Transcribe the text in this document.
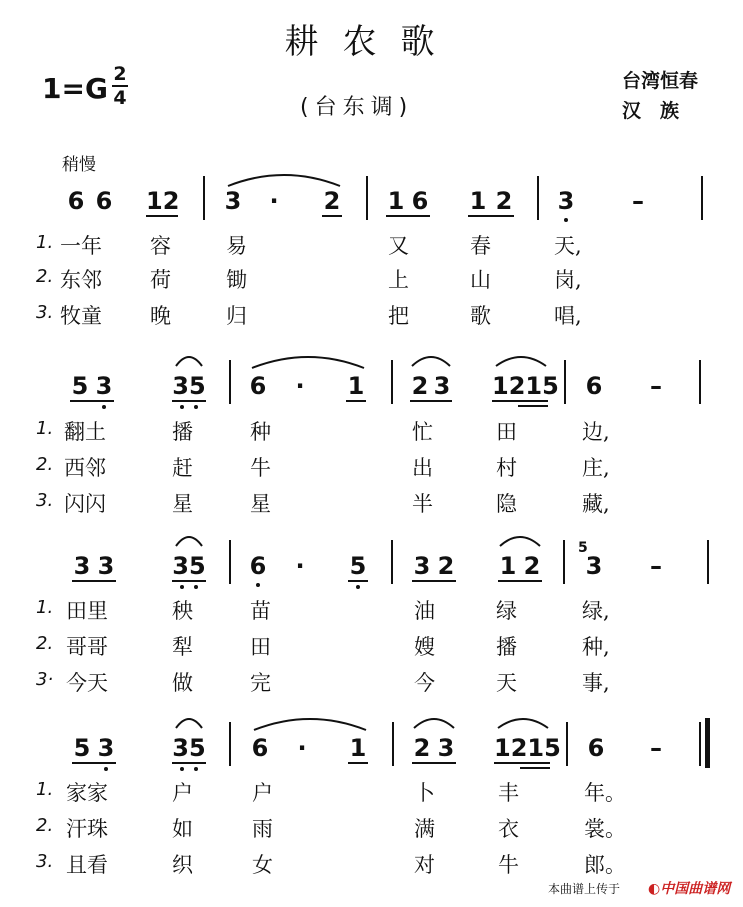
耕农歌
1=G 2
4	(台东调)
台湾恒春
汉　族
稍慢
6 6 12 3 · 2 1 6 1 2 3 –
1. 一年 容	易	又	春	天,
2. 东邻 荷	锄	上	山	岗,
3. 牧童 晚	归	把	歌	唱,
5 3 35 6 · 1 2 3 1215 6 –
1. 翻土	播	种	忙	田	边,
2. 西邻	赶	牛	出	村	庄,
3. 闪闪	星	星	半	隐	藏,
3 3 35 6 · 5 3 2 1 2
5
3 –
1. 田里	秧	苗	油	绿	绿,
2. 哥哥	犁	田	嫂	播	种,
3· 今天	做	完	今	天	事,
5 3 35 6 · 1 2 3 1215 6 –
1. 家家	户	户	卜	丰	年。
2. 汗珠	如	雨	满	衣	裳。
3. 且看	织	女	对	牛	郎。
本曲谱上传于 ◐中国曲谱网
